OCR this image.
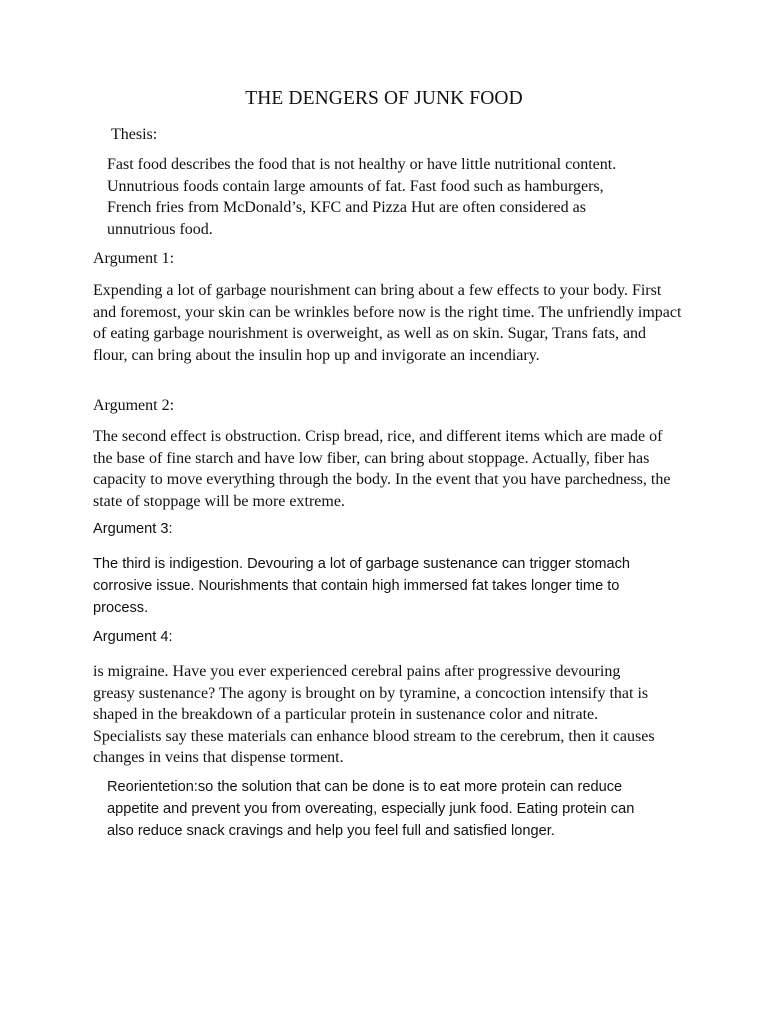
THE DENGERS OF JUNK FOOD
Thesis:

Fast food describes the food that is not healthy or have little nutritional content. Unnutrious foods contain large amounts of fat. Fast food such as hamburgers, French fries from McDonald’s, KFC and Pizza Hut are often considered as unnutrious food.

Argument 1:

Expending a lot of garbage nourishment can bring about a few effects to your body. First and foremost, your skin can be wrinkles before now is the right time. The unfriendly impact of eating garbage nourishment is overweight, as well as on skin. Sugar, Trans fats, and flour, can bring about the insulin hop up and invigorate an incendiary.

Argument 2:

The second effect is obstruction. Crisp bread, rice, and different items which are made of the base of fine starch and have low fiber, can bring about stoppage. Actually, fiber has capacity to move everything through the body. In the event that you have parchedness, the state of stoppage will be more extreme.

Argument 3:

The third is indigestion. Devouring a lot of garbage sustenance can trigger stomach corrosive issue. Nourishments that contain high immersed fat takes longer time to process.

Argument 4:

is migraine. Have you ever experienced cerebral pains after progressive devouring greasy sustenance? The agony is brought on by tyramine, a concoction intensify that is shaped in the breakdown of a particular protein in sustenance color and nitrate. Specialists say these materials can enhance blood stream to the cerebrum, then it causes changes in veins that dispense torment.

Reorientetion:so the solution that can be done is to eat more protein can reduce appetite and prevent you from overeating, especially junk food. Eating protein can also reduce snack cravings and help you feel full and satisfied longer.
